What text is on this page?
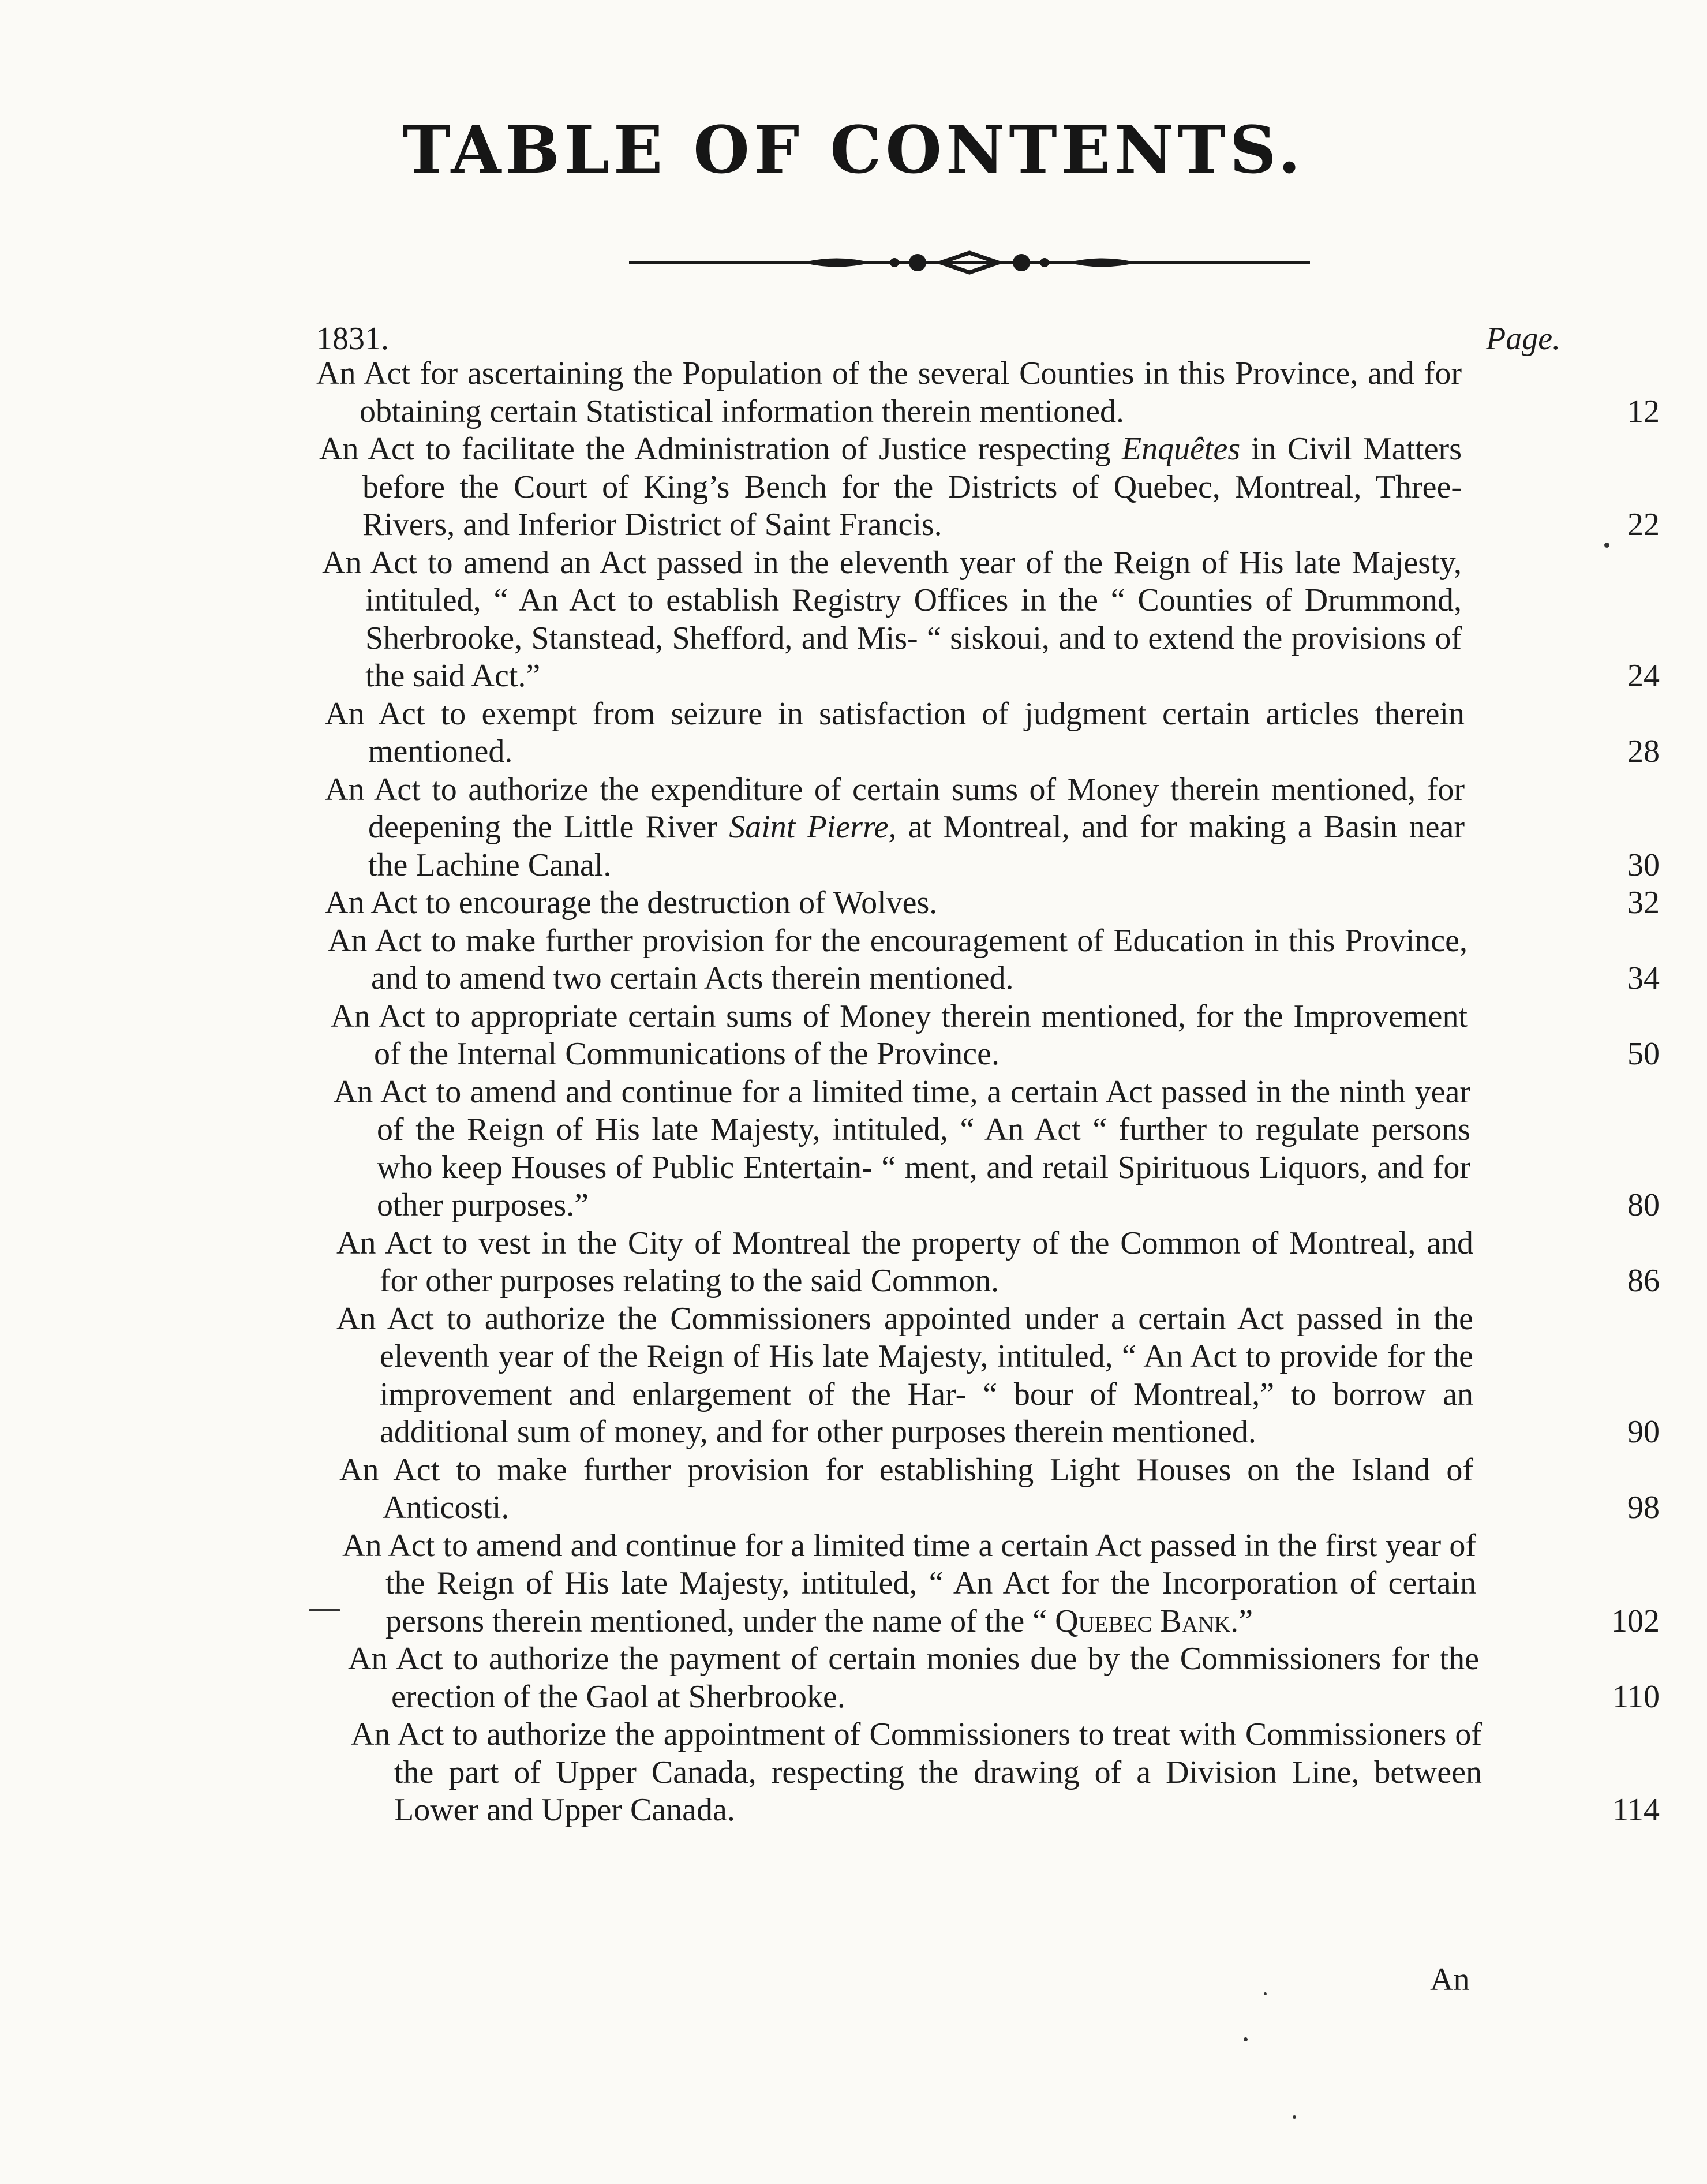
TABLE OF CONTENTS.
1831.	Page.
An Act for ascertaining the Population of the several Counties in this Province, and for obtaining certain Statistical information therein mentioned.	12
An Act to facilitate the Administration of Justice respecting Enquêtes in Civil Matters before the Court of King’s Bench for the Districts of Quebec, Montreal, Three-Rivers, and Inferior District of Saint Francis.	22
An Act to amend an Act passed in the eleventh year of the Reign of His late Majesty, intituled, “ An Act to establish Registry Offices in the “ Counties of Drummond, Sherbrooke, Stanstead, Shefford, and Mis- “ siskoui, and to extend the provisions of the said Act.”	24
An Act to exempt from seizure in satisfaction of judgment certain articles therein mentioned.	28
An Act to authorize the expenditure of certain sums of Money therein mentioned, for deepening the Little River Saint Pierre, at Montreal, and for making a Basin near the Lachine Canal.	30
An Act to encourage the destruction of Wolves.	32
An Act to make further provision for the encouragement of Education in this Province, and to amend two certain Acts therein mentioned.	34
An Act to appropriate certain sums of Money therein mentioned, for the Improvement of the Internal Communications of the Province.	50
An Act to amend and continue for a limited time, a certain Act passed in the ninth year of the Reign of His late Majesty, intituled, “ An Act “ further to regulate persons who keep Houses of Public Entertain- “ ment, and retail Spirituous Liquors, and for other purposes.”	80
An Act to vest in the City of Montreal the property of the Common of Montreal, and for other purposes relating to the said Common.	86
An Act to authorize the Commissioners appointed under a certain Act passed in the eleventh year of the Reign of His late Majesty, intituled, “ An Act to provide for the improvement and enlargement of the Har- “ bour of Montreal,” to borrow an additional sum of money, and for other purposes therein mentioned.	90
An Act to make further provision for establishing Light Houses on the Island of Anticosti.	98
An Act to amend and continue for a limited time a certain Act passed in the first year of the Reign of His late Majesty, intituled, “ An Act for the Incorporation of certain persons therein mentioned, under the name of the “ Quebec Bank.”	102
An Act to authorize the payment of certain monies due by the Commissioners for the erection of the Gaol at Sherbrooke.	110
An Act to authorize the appointment of Commissioners to treat with Commissioners of the part of Upper Canada, respecting the drawing of a Division Line, between Lower and Upper Canada.	114
An
